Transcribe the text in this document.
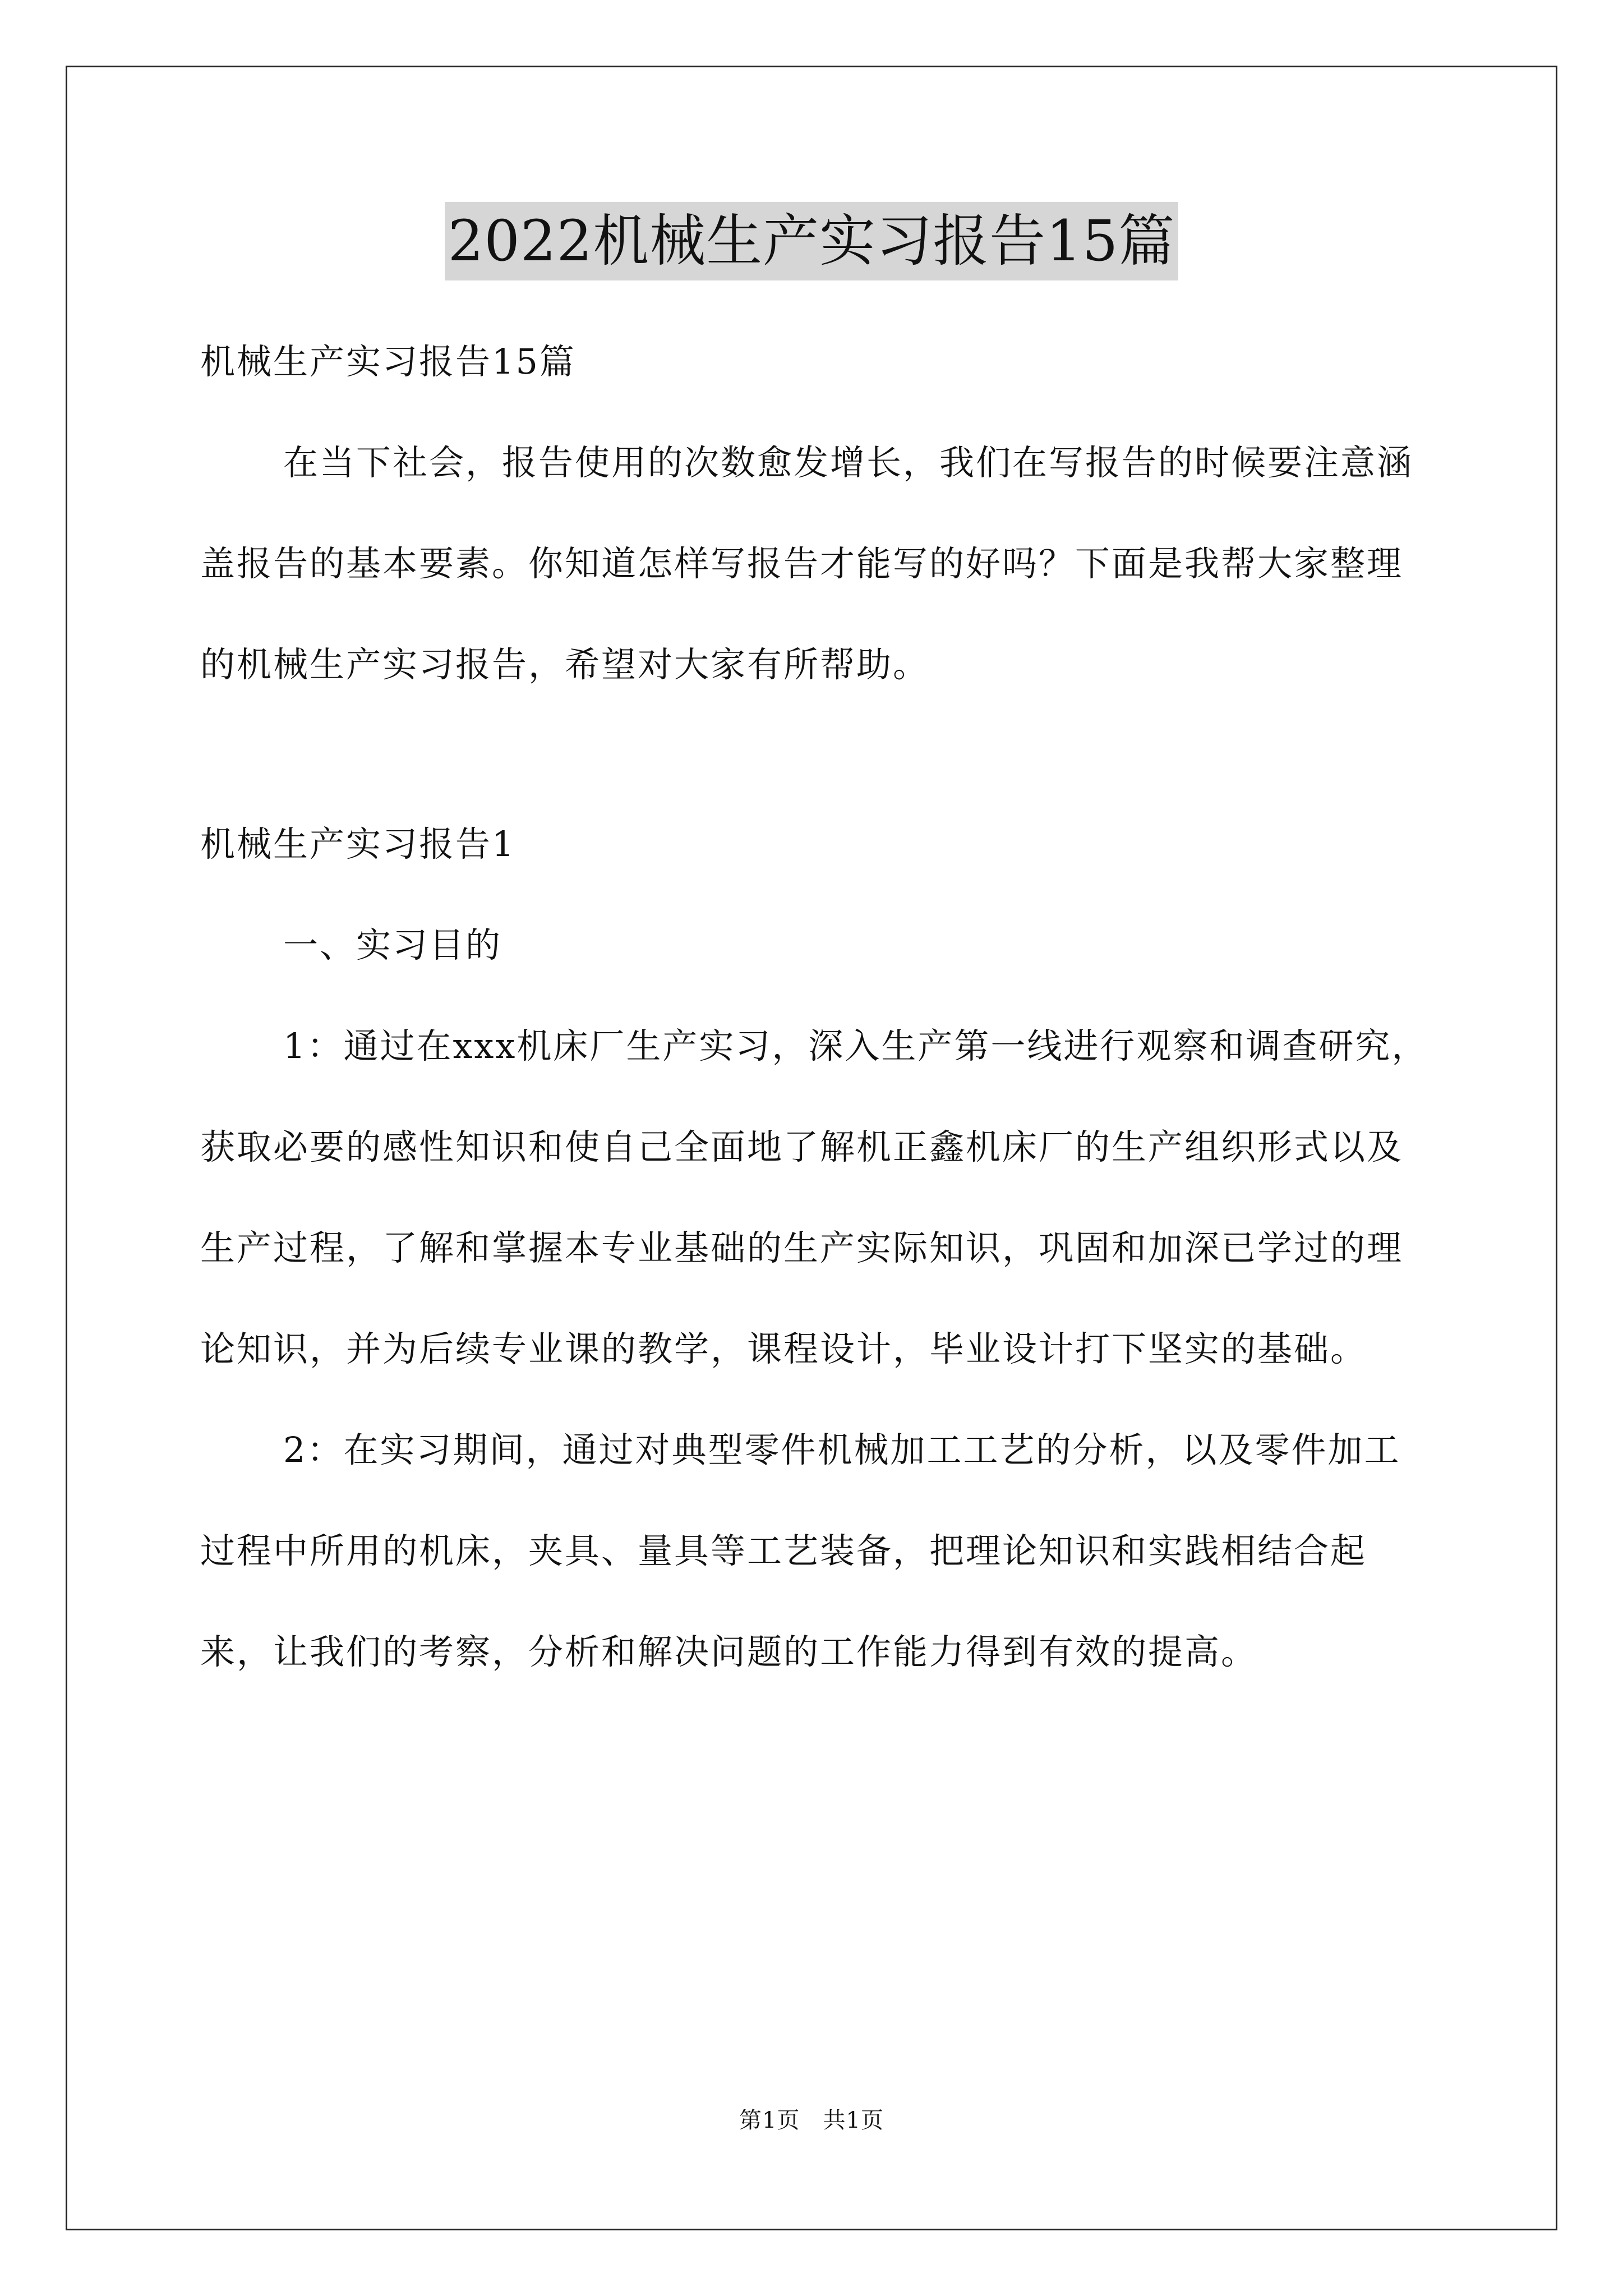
2022机械生产实习报告15篇

机械生产实习报告15篇

在当下社会，报告使用的次数愈发增长，我们在写报告的时候要注意涵盖报告的基本要素。你知道怎样写报告才能写的好吗？下面是我帮大家整理的机械生产实习报告，希望对大家有所帮助。

机械生产实习报告1

一、实习目的

1：通过在xxx机床厂生产实习，深入生产第一线进行观察和调查研究，获取必要的感性知识和使自己全面地了解机正鑫机床厂的生产组织形式以及生产过程，了解和掌握本专业基础的生产实际知识，巩固和加深已学过的理论知识，并为后续专业课的教学，课程设计，毕业设计打下坚实的基础。

2：在实习期间，通过对典型零件机械加工工艺的分析，以及零件加工过程中所用的机床，夹具、量具等工艺装备，把理论知识和实践相结合起来，让我们的考察，分析和解决问题的工作能力得到有效的提高。

第1页　共1页
